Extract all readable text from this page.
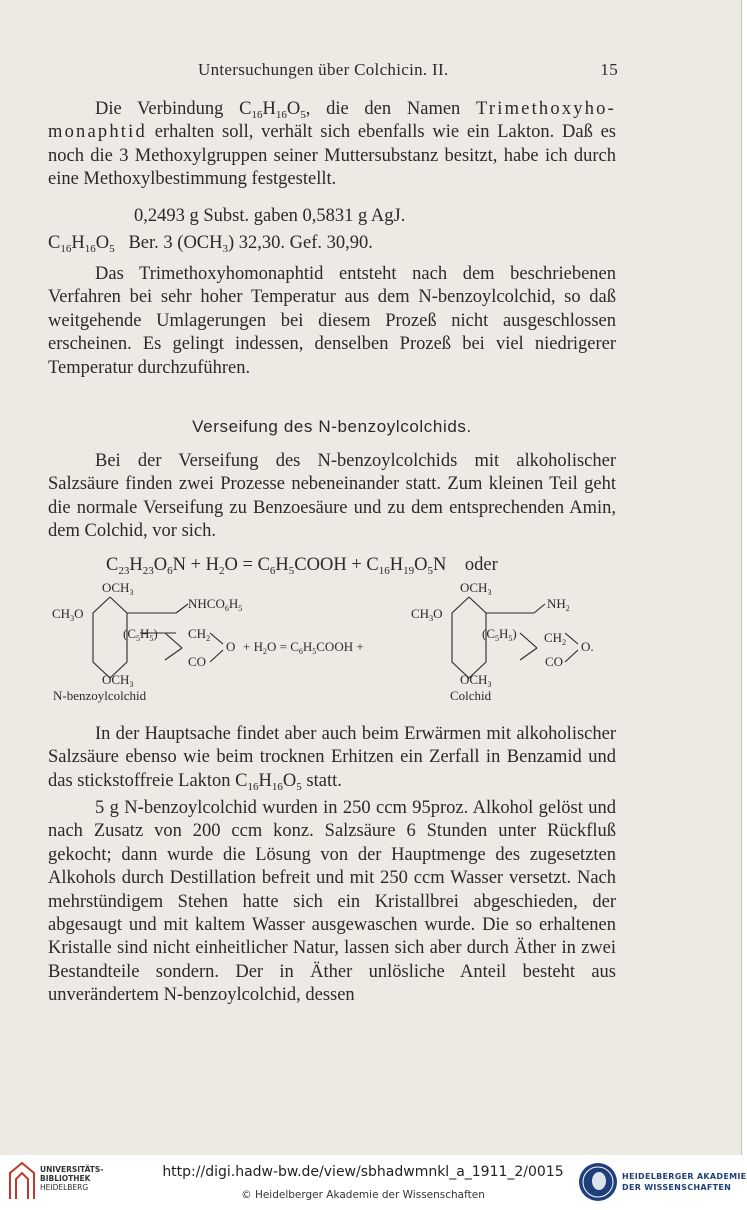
Untersuchungen über Colchicin. II.	15

Die Verbindung $C_{16}H_{16}O_5$, die den Namen Trimethoxyho- monaphtid erhalten soll, verhält sich ebenfalls wie ein Lakton. Daß es noch die 3 Methoxylgruppen seiner Muttersubstanz besitzt, habe ich durch eine Methoxylbestimmung festgestellt.

0,2493 g Subst. gaben 0,5831 g AgJ.

$C_{16}H_{16}O_5$ Ber. 3 $(OCH_3)$ 32,30. Gef. 30,90.

Das Trimethoxyhomonaphtid entsteht nach dem beschriebenen Verfahren bei sehr hoher Temperatur aus dem N-benzoylcolchid, so daß weitgehende Umlagerungen bei diesem Prozeß nicht ausgeschlossen erscheinen. Es gelingt indessen, denselben Prozeß bei viel niedrigerer Temperatur durchzuführen.

Verseifung des N-benzoylcolchids.

Bei der Verseifung des N-benzoylcolchids mit alkoholischer Salzsäure finden zwei Prozesse nebeneinander statt. Zum kleinen Teil geht die normale Verseifung zu Benzoesäure und zu dem entsprechenden Amin, dem Colchid, vor sich.

$C_{23}H_{23}O_6N + H_2O$ = $C_6H_5COOH + C_{16}H_{19}O_5N$ oder

$OCH_3$
$CH_3O$
$NHCO_6H_5$
$(C_5H_5)$ $CH_2$
O
CO
$OCH_3$
N-benzoylcolchid
+ $H_2O$ = $C_6H_5COOH$ +
$OCH_3$
$CH_3O$
$NH_2$
$(C_5H_5)$ $CH_2$ O.
CO
$OCH_3$
Colchid

In der Hauptsache findet aber auch beim Erwärmen mit alkoholischer Salzsäure ebenso wie beim trocknen Erhitzen ein Zerfall in Benzamid und das stickstoffreie Lakton $C_{16}H_{16}O_5$ statt.

5 g N-benzoylcolchid wurden in 250 ccm 95proz. Alkohol gelöst und nach Zusatz von 200 ccm konz. Salzsäure 6 Stunden unter Rückfluß gekocht; dann wurde die Lösung von der Hauptmenge des zugesetzten Alkohols durch Destillation befreit und mit 250 ccm Wasser versetzt. Nach mehrstündigem Stehen hatte sich ein Kristallbrei abgeschieden, der abgesaugt und mit kaltem Wasser ausgewaschen wurde. Die so erhaltenen Kristalle sind nicht einheitlicher Natur, lassen sich aber durch Äther in zwei Bestandteile sondern. Der in Äther unlösliche Anteil besteht aus unverändertem N-benzoylcolchid, dessen

UNIVERSITÄTS-
BIBLIOTHEK
HEIDELBERG
http://digi.hadw-bw.de/view/sbhadwmnkl_a_1911_2/0015
© Heidelberger Akademie der Wissenschaften
HEIDELBERGER AKADEMIE
DER WISSENSCHAFTEN
